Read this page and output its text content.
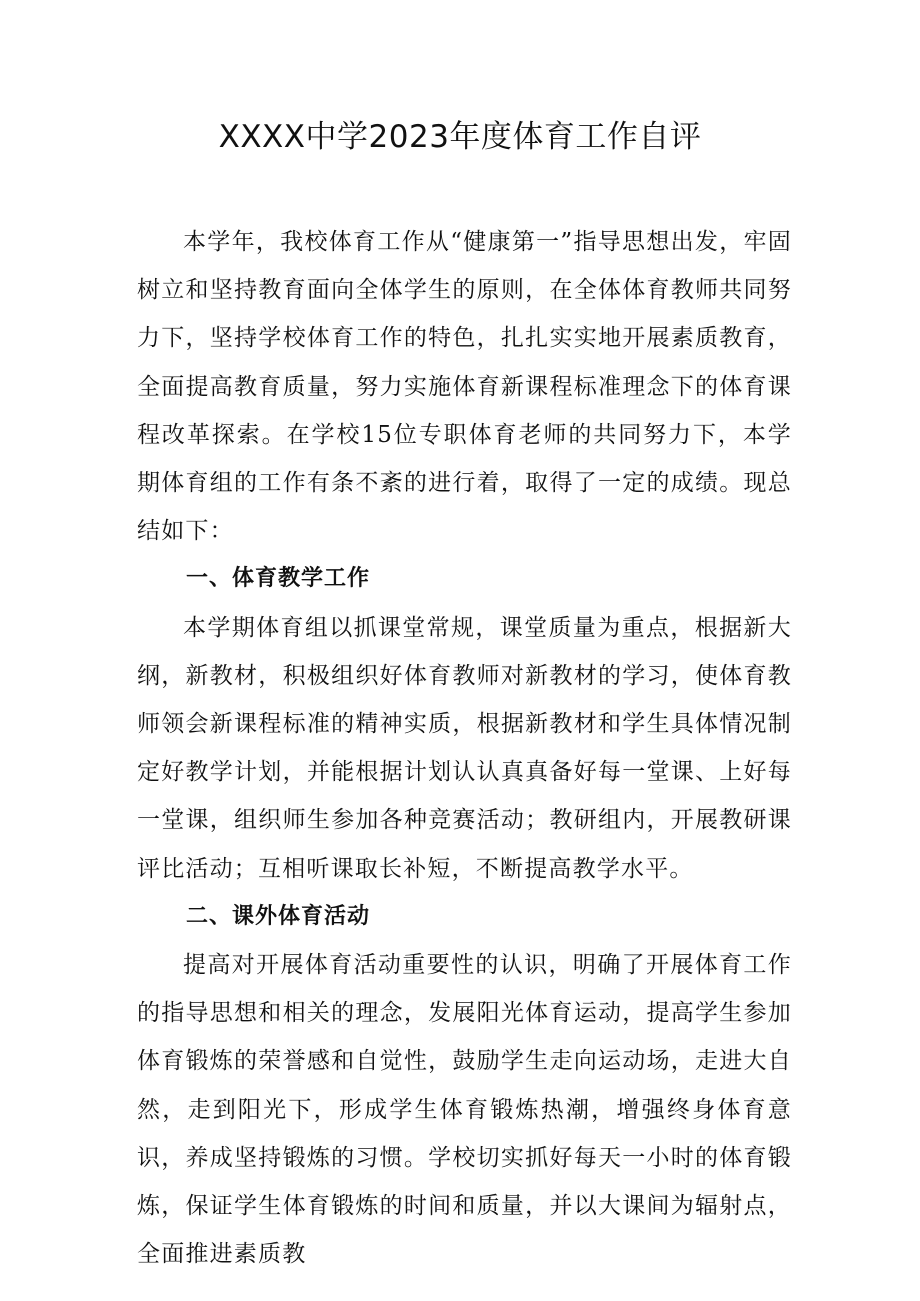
XXXX中学2023年度体育工作自评

本学年，我校体育工作从“健康第一”指导思想出发，牢固树立和坚持教育面向全体学生的原则，在全体体育教师共同努力下，坚持学校体育工作的特色，扎扎实实地开展素质教育，全面提高教育质量，努力实施体育新课程标准理念下的体育课程改革探索。在学校15位专职体育老师的共同努力下，本学期体育组的工作有条不紊的进行着，取得了一定的成绩。现总结如下：

一、体育教学工作

本学期体育组以抓课堂常规，课堂质量为重点，根据新大纲，新教材，积极组织好体育教师对新教材的学习，使体育教师领会新课程标准的精神实质，根据新教材和学生具体情况制定好教学计划，并能根据计划认认真真备好每一堂课、上好每一堂课，组织师生参加各种竞赛活动；教研组内，开展教研课评比活动；互相听课取长补短，不断提高教学水平。

二、课外体育活动

提高对开展体育活动重要性的认识，明确了开展体育工作的指导思想和相关的理念，发展阳光体育运动，提高学生参加体育锻炼的荣誉感和自觉性，鼓励学生走向运动场，走进大自然，走到阳光下，形成学生体育锻炼热潮，增强终身体育意识，养成坚持锻炼的习惯。学校切实抓好每天一小时的体育锻炼，保证学生体育锻炼的时间和质量，并以大课间为辐射点，全面推进素质教
